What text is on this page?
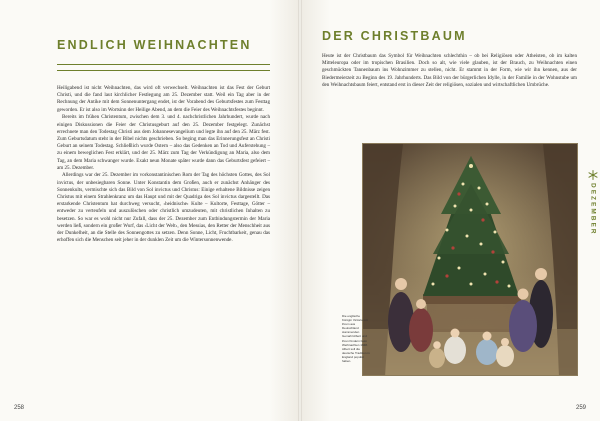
ENDLICH WEIHNACHTEN

Heiligabend ist nicht Weihnachten, das wird oft verwechselt. Weihnachten ist das Fest der Geburt Christi, und die fand laut kirchlicher Festlegung am 25. Dezember statt. Weil ein Tag aber in der Rechnung der Antike mit dem Sonnenuntergang endet, ist der Vorabend des Geburtsfestes zum Festtag geworden. Er ist also im Wortsinn der Heilige Abend, an dem die Feier des Weihnachtsfestes beginnt.

Bereits im frühen Christentum, zwischen dem 3. und 4. nachchristlichen Jahrhundert, wurde nach einigen Diskussionen die Feier der Christusgeburt auf den 25. Dezember festgelegt. Zunächst errechnete man den Todestag Christi aus dem Johannesevangelium und legte ihn auf den 25. März fest. Zum Geburtsdatum steht in der Bibel nichts geschrieben. So beging man das Erinnerungsfest an Christi Geburt an seinem Todestag. Schließlich wurde Ostern – also das Gedenken an Tod und Auferstehung – zu einem beweglichen Fest erklärt, und der 25. März zum Tag der Verkündigung an Maria, also dem Tag, an dem Maria schwanger wurde. Exakt neun Monate später wurde dann das Geburtsfest gefeiert – am 25. Dezember.

Allerdings war der 25. Dezember im vorkonstantinischen Rom der Tag des höchsten Gottes, des Sol invictus, der unbesiegbaren Sonne. Unter Konstantin dem Großen, auch er zunächst Anhänger des Sonnenkults, vermischte sich das Bild von Sol invictus und Christus: Einige erhaltene Bildnisse zeigen Christus mit einem Strahlenkranz um das Haupt und mit der Quadriga des Sol invictus dargestellt. Das erstarkende Christentum hat durchweg versucht, ›heidnische‹ Kulte – Kultorte, Festtage, Götter – entweder zu verteufeln und auszulöschen oder christlich umzudeuten, mit christlichen Inhalten zu besetzen. So war es wohl nicht nur Zufall, dass der 25. Dezember zum Entbindungstermin der Maria werden ließ, sondern ein großer Wurf, das ›Licht der Welt‹, den Messias, den Retter der Menschheit aus der Dunkelheit, an die Stelle des Sonnengottes zu setzen. Denn Sonne, Licht, Fruchtbarkeit, genau das erhoffen sich die Menschen seit jeher in der dunklen Zeit um die Wintersonnenwende.

258
DER CHRISTBAUM

Heute ist der Christbaum das Symbol für Weihnachten schlechthin – ob bei Religiösen oder Atheisten, ob im kalten Mitteleuropa oder im tropischen Brasilien. Doch so alt, wie viele glauben, ist der Brauch, zu Weihnachten einen geschmückten Tannenbaum ins Wohnzimmer zu stellen, nicht. Er stammt in der Form, wie wir ihn kennen, aus der Biedermeierzeit zu Beginn des 19. Jahrhunderts. Das Bild von der bürgerlichen Idylle, in der Familie in der Wohnstube um den Weihnachtsbaum feiert, entstand erst in dieser Zeit der religiösen, sozialen und wirtschaftlichen Umbrüche.

Die englische Königin Victoria mit ihrem aus Deutschland stammenden Gemahl Albert und ihren Kindern beim Weihnachten 1848. Albert soll die deutsche Tradition in England populär haben.

DEZEMBER
259
